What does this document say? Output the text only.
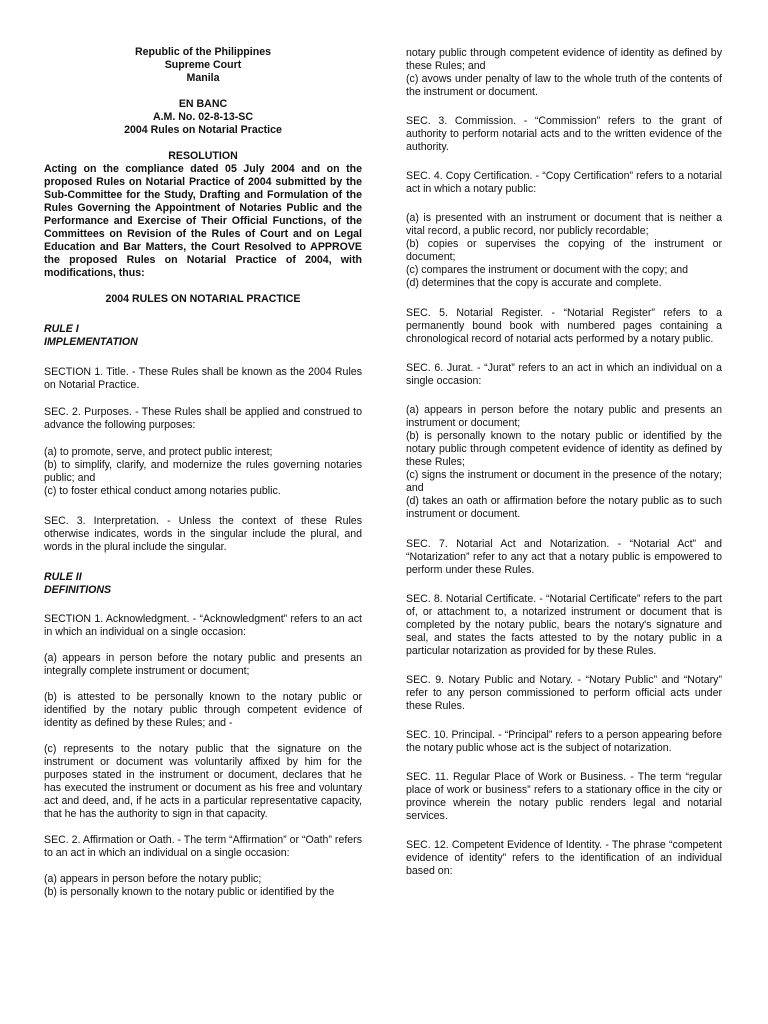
Republic of the Philippines

Supreme Court

Manila

EN BANC

A.M. No. 02-8-13-SC

2004 Rules on Notarial Practice

RESOLUTION

Acting on the compliance dated 05 July 2004 and on the proposed Rules on Notarial Practice of 2004 submitted by the Sub-Committee for the Study, Drafting and Formulation of the Rules Governing the Appointment of Notaries Public and the Performance and Exercise of Their Official Functions, of the Committees on Revision of the Rules of Court and on Legal Education and Bar Matters, the Court Resolved to APPROVE the proposed Rules on Notarial Practice of 2004, with modifications, thus:

2004 RULES ON NOTARIAL PRACTICE

RULE I

IMPLEMENTATION

SECTION 1. Title. - These Rules shall be known as the 2004 Rules on Notarial Practice.

SEC. 2. Purposes. - These Rules shall be applied and construed to advance the following purposes:

(a) to promote, serve, and protect public interest;

(b) to simplify, clarify, and modernize the rules governing notaries public; and

(c) to foster ethical conduct among notaries public.

SEC. 3. Interpretation. - Unless the context of these Rules otherwise indicates, words in the singular include the plural, and words in the plural include the singular.

RULE II

DEFINITIONS

SECTION 1. Acknowledgment. - “Acknowledgment” refers to an act in which an individual on a single occasion:

(a) appears in person before the notary public and presents an integrally complete instrument or document;

(b) is attested to be personally known to the notary public or identified by the notary public through competent evidence of identity as defined by these Rules; and -

(c) represents to the notary public that the signature on the instrument or document was voluntarily affixed by him for the purposes stated in the instrument or document, declares that he has executed the instrument or document as his free and voluntary act and deed, and, if he acts in a particular representative capacity, that he has the authority to sign in that capacity.

SEC. 2. Affirmation or Oath. - The term “Affirmation” or “Oath” refers to an act in which an individual on a single occasion:

(a) appears in person before the notary public;

(b) is personally known to the notary public or identified by the

notary public through competent evidence of identity as defined by these Rules; and

(c) avows under penalty of law to the whole truth of the contents of the instrument or document.

SEC. 3. Commission. - “Commission” refers to the grant of authority to perform notarial acts and to the written evidence of the authority.

SEC. 4. Copy Certification. - “Copy Certification” refers to a notarial act in which a notary public:

(a) is presented with an instrument or document that is neither a vital record, a public record, nor publicly recordable;

(b) copies or supervises the copying of the instrument or document;

(c) compares the instrument or document with the copy; and

(d) determines that the copy is accurate and complete.

SEC. 5. Notarial Register. - “Notarial Register” refers to a permanently bound book with numbered pages containing a chronological record of notarial acts performed by a notary public.

SEC. 6. Jurat. - “Jurat” refers to an act in which an individual on a single occasion:

(a) appears in person before the notary public and presents an instrument or document;

(b) is personally known to the notary public or identified by the notary public through competent evidence of identity as defined by these Rules;

(c) signs the instrument or document in the presence of the notary; and

(d) takes an oath or affirmation before the notary public as to such instrument or document.

SEC. 7. Notarial Act and Notarization. - “Notarial Act” and “Notarization” refer to any act that a notary public is empowered to perform under these Rules.

SEC. 8. Notarial Certificate. - “Notarial Certificate” refers to the part of, or attachment to, a notarized instrument or document that is completed by the notary public, bears the notary's signature and seal, and states the facts attested to by the notary public in a particular notarization as provided for by these Rules.

SEC. 9. Notary Public and Notary. - “Notary Public” and “Notary” refer to any person commissioned to perform official acts under these Rules.

SEC. 10. Principal. - “Principal” refers to a person appearing before the notary public whose act is the subject of notarization.

SEC. 11. Regular Place of Work or Business. - The term “regular place of work or business” refers to a stationary office in the city or province wherein the notary public renders legal and notarial services.

SEC. 12. Competent Evidence of Identity. - The phrase “competent evidence of identity” refers to the identification of an individual based on:
